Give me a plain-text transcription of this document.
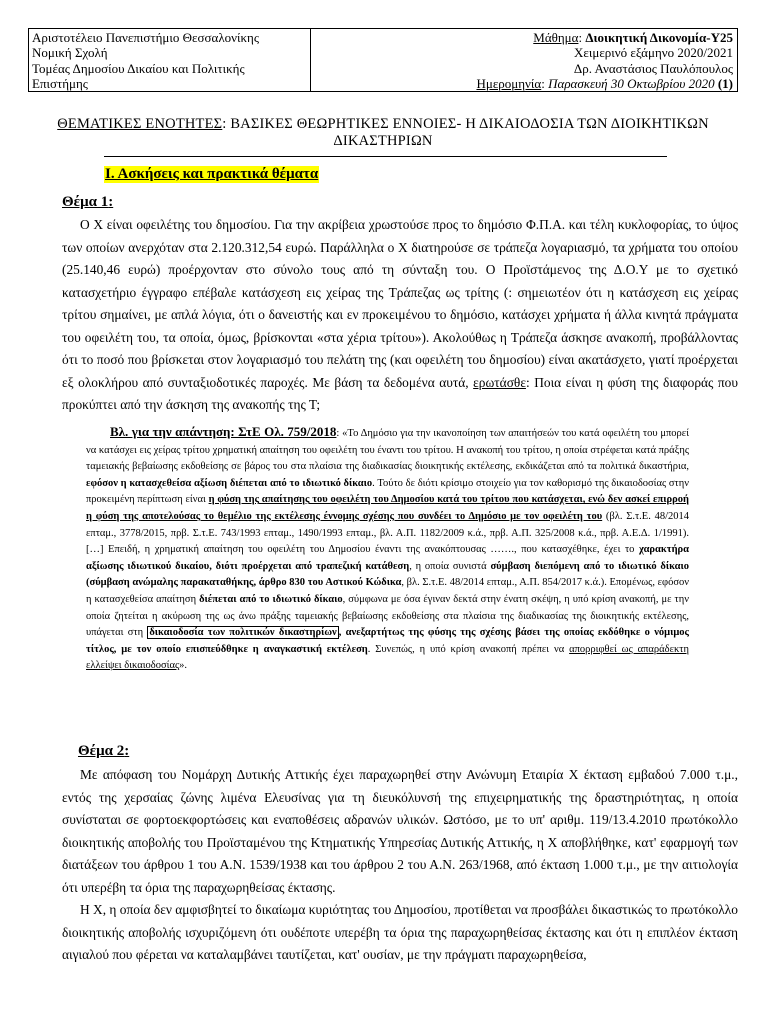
Αριστοτέλειο Πανεπιστήμιο Θεσσαλονίκης
Νομική Σχολή
Τομέας Δημοσίου Δικαίου και Πολιτικής
Επιστήμης
Μάθημα: Διοικητική Δικονομία-Υ25
Χειμερινό εξάμηνο 2020/2021
Δρ. Αναστάσιος Παυλόπουλος
Ημερομηνία: Παρασκευή 30 Οκτωβρίου 2020 (1)
ΘΕΜΑΤΙΚΕΣ ΕΝΟΤΗΤΕΣ: ΒΑΣΙΚΕΣ ΘΕΩΡΗΤΙΚΕΣ ΕΝΝΟΙΕΣ- Η ΔΙΚΑΙΟΔΟΣΙΑ ΤΩΝ ΔΙΟΙΚΗΤΙΚΩΝ ΔΙΚΑΣΤΗΡΙΩΝ
Ι. Ασκήσεις και πρακτικά θέματα
Θέμα 1:
Ο Χ είναι οφειλέτης του δημοσίου. Για την ακρίβεια χρωστούσε προς το δημόσιο Φ.Π.Α. και τέλη κυκλοφορίας, το ύψος των οποίων ανερχόταν στα 2.120.312,54 ευρώ. Παράλληλα ο Χ διατηρούσε σε τράπεζα λογαριασμό, τα χρήματα του οποίου (25.140,46 ευρώ) προέρχονταν στο σύνολο τους από τη σύνταξη του. Ο Προϊστάμενος της Δ.Ο.Υ με το σχετικό κατασχετήριο έγγραφο επέβαλε κατάσχεση εις χείρας της Τράπεζας ως τρίτης (: σημειωτέον ότι η κατάσχεση εις χείρας τρίτου σημαίνει, με απλά λόγια, ότι ο δανειστής και εν προκειμένου το δημόσιο, κατάσχει χρήματα ή άλλα κινητά πράγματα του οφειλέτη του, τα οποία, όμως, βρίσκονται «στα χέρια τρίτου»). Ακολούθως η Τράπεζα άσκησε ανακοπή, προβάλλοντας ότι το ποσό που βρίσκεται στον λογαριασμό του πελάτη της (και οφειλέτη του δημοσίου) είναι ακατάσχετο, γιατί προέρχεται εξ ολοκλήρου από συνταξιοδοτικές παροχές. Με βάση τα δεδομένα αυτά, ερωτάσθε: Ποια είναι η φύση της διαφοράς που προκύπτει από την άσκηση της ανακοπής της Τ;
Βλ. για την απάντηση: ΣτΕ Ολ. 759/2018: «Το Δημόσιο για την ικανοποίηση των απαιτήσεών του κατά οφειλέτη του μπορεί να κατάσχει εις χείρας τρίτου χρηματική απαίτηση του οφειλέτη του έναντι του τρίτου. Η ανακοπή του τρίτου, η οποία στρέφεται κατά πράξης ταμειακής βεβαίωσης εκδοθείσης σε βάρος του στα πλαίσια της διαδικασίας διοικητικής εκτέλεσης, εκδικάζεται από τα πολιτικά δικαστήρια, εφόσον η κατασχεθείσα αξίωση διέπεται από το ιδιωτικό δίκαιο. Τούτο δε διότι κρίσιμο στοιχείο για τον καθορισμό της δικαιοδοσίας στην προκειμένη περίπτωση είναι η φύση της απαίτησης του οφειλέτη του Δημοσίου κατά του τρίτου που κατάσχεται, ενώ δεν ασκεί επιρροή η φύση της αποτελούσας το θεμέλιο της εκτέλεσης έννομης σχέσης που συνδέει το Δημόσιο με τον οφειλέτη του (βλ. Σ.τ.Ε. 48/2014 επταμ., 3778/2015, πρβ. Σ.τ.Ε. 743/1993 επταμ., 1490/1993 επταμ., βλ. Α.Π. 1182/2009 κ.ά., πρβ. Α.Π. 325/2008 κ.ά., πρβ. Α.Ε.Δ. 1/1991). […] Επειδή, η χρηματική απαίτηση του οφειλέτη του Δημοσίου έναντι της ανακόπτουσας ……., που κατασχέθηκε, έχει το χαρακτήρα αξίωσης ιδιωτικού δικαίου, διότι προέρχεται από τραπεζική κατάθεση, η οποία συνιστά σύμβαση διεπόμενη από το ιδιωτικό δίκαιο (σύμβαση ανώμαλης παρακαταθήκης, άρθρο 830 του Αστικού Κώδικα, βλ. Σ.τ.Ε. 48/2014 επταμ., Α.Π. 854/2017 κ.ά.). Επομένως, εφόσον η κατασχεθείσα απαίτηση διέπεται από το ιδιωτικό δίκαιο, σύμφωνα με όσα έγιναν δεκτά στην ένατη σκέψη, η υπό κρίση ανακοπή, με την οποία ζητείται η ακύρωση της ως άνω πράξης ταμειακής βεβαίωσης εκδοθείσης στα πλαίσια της διαδικασίας της διοικητικής εκτέλεσης, υπάγεται στη δικαιοδοσία των πολιτικών δικαστηρίων , ανεξαρτήτως της φύσης της σχέσης βάσει της οποίας εκδόθηκε ο νόμιμος τίτλος, με τον οποίο επισπεύδθηκε η αναγκαστική εκτέλεση. Συνεπώς, η υπό κρίση ανακοπή πρέπει να απορριφθεί ως απαράδεκτη ελλείψει δικαιοδοσίας».
Θέμα 2:
Με απόφαση του Νομάρχη Δυτικής Αττικής έχει παραχωρηθεί στην Ανώνυμη Εταιρία Χ έκταση εμβαδού 7.000 τ.μ., εντός της χερσαίας ζώνης λιμένα Ελευσίνας για τη διευκόλυνσή της επιχειρηματικής της δραστηριότητας, η οποία συνίσταται σε φορτοεκφορτώσεις και εναποθέσεις αδρανών υλικών. Ωστόσο, με το υπ' αριθμ. 119/13.4.2010 πρωτόκολλο διοικητικής αποβολής του Προϊσταμένου της Κτηματικής Υπηρεσίας Δυτικής Αττικής, η Χ αποβλήθηκε, κατ' εφαρμογή των διατάξεων του άρθρου 1 του Α.Ν. 1539/1938 και του άρθρου 2 του Α.Ν. 263/1968, από έκταση 1.000 τ.μ., με την αιτιολογία ότι υπερέβη τα όρια της παραχωρηθείσας έκτασης.
Η Χ, η οποία δεν αμφισβητεί το δικαίωμα κυριότητας του Δημοσίου, προτίθεται να προσβάλει δικαστικώς το πρωτόκολλο διοικητικής αποβολής ισχυριζόμενη ότι ουδέποτε υπερέβη τα όρια της παραχωρηθείσας έκτασης και ότι η επιπλέον έκταση αιγιαλού που φέρεται να καταλαμβάνει ταυτίζεται, κατ' ουσίαν, με την πράγματι παραχωρηθείσα,
